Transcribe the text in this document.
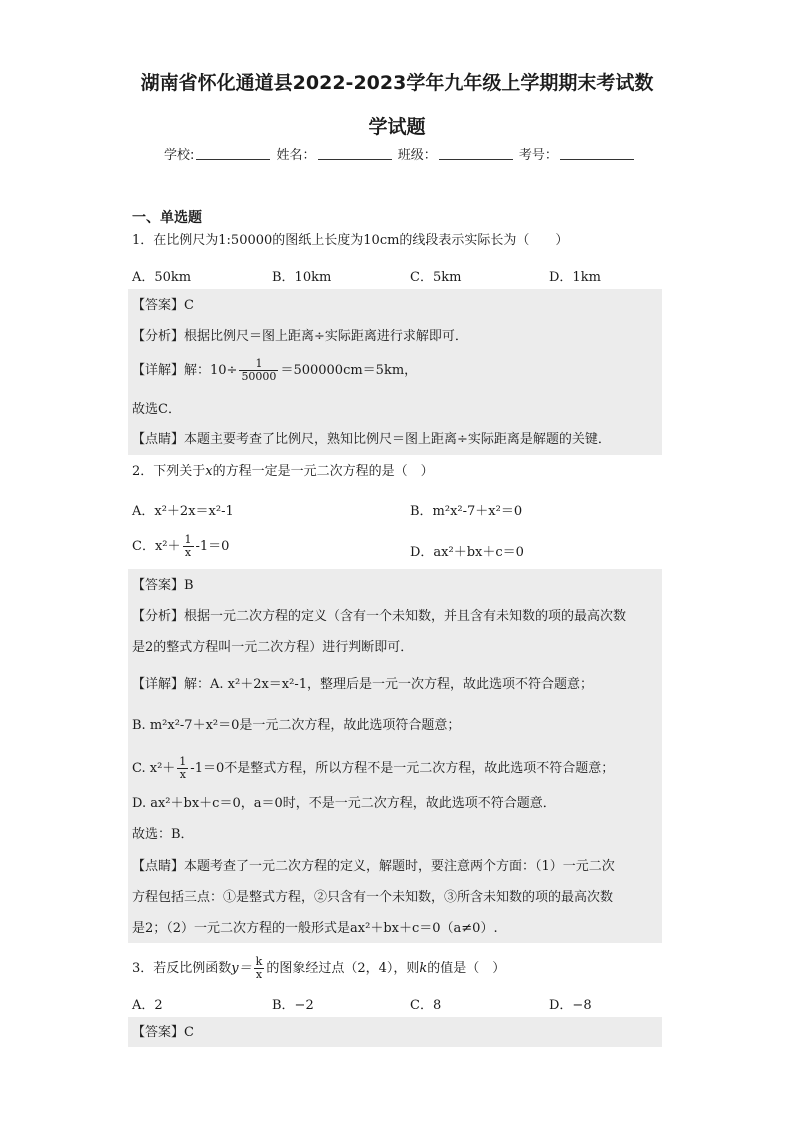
湖南省怀化通道县2022-2023学年九年级上学期期末考试数
学试题
学校:	姓名：	班级：	考号：
一、单选题
1．在比例尺为1:50000的图纸上长度为10cm的线段表示实际长为（　　）
A．50km	B．10km	C．5km	D．1km
【答案】C
【分析】根据比例尺＝图上距离÷实际距离进行求解即可．
【详解】解：$10\div \frac{1}{50000} =500000cm=5km$，
故选C．
【点睛】本题主要考查了比例尺，熟知比例尺＝图上距离÷实际距离是解题的关键．
2．下列关于x的方程一定是一元二次方程的是（　）
A．x²＋2x＝x²-1	B．m²x²-7＋x²＝0
C．$x^2+ \frac{1}{x} -1=0$	D．ax²＋bx＋c＝0
【答案】B
【分析】根据一元二次方程的定义（含有一个未知数，并且含有未知数的项的最高次数
是2的整式方程叫一元二次方程）进行判断即可．
【详解】解：A. x²＋2x＝x²-1，整理后是一元一次方程，故此选项不符合题意；
B. m²x²-7＋x²＝0是一元二次方程，故此选项符合题意；
C. $x^2+ \frac{1}{x} -1=0$不是整式方程，所以方程不是一元二次方程，故此选项不符合题意；
D. ax²＋bx＋c＝0，a＝0时，不是一元二次方程，故此选项不符合题意．
故选：B．
【点睛】本题考查了一元二次方程的定义，解题时，要注意两个方面：（1）一元二次
方程包括三点：①是整式方程，②只含有一个未知数，③所含未知数的项的最高次数
是2；（2）一元二次方程的一般形式是ax²＋bx＋c＝0（a≠0）.
3．若反比例函数$y= \frac{k}{x}$ 的图象经过点（2，4），则k的值是（　）
A．2	B．−2	C．8	D．−8
【答案】C
